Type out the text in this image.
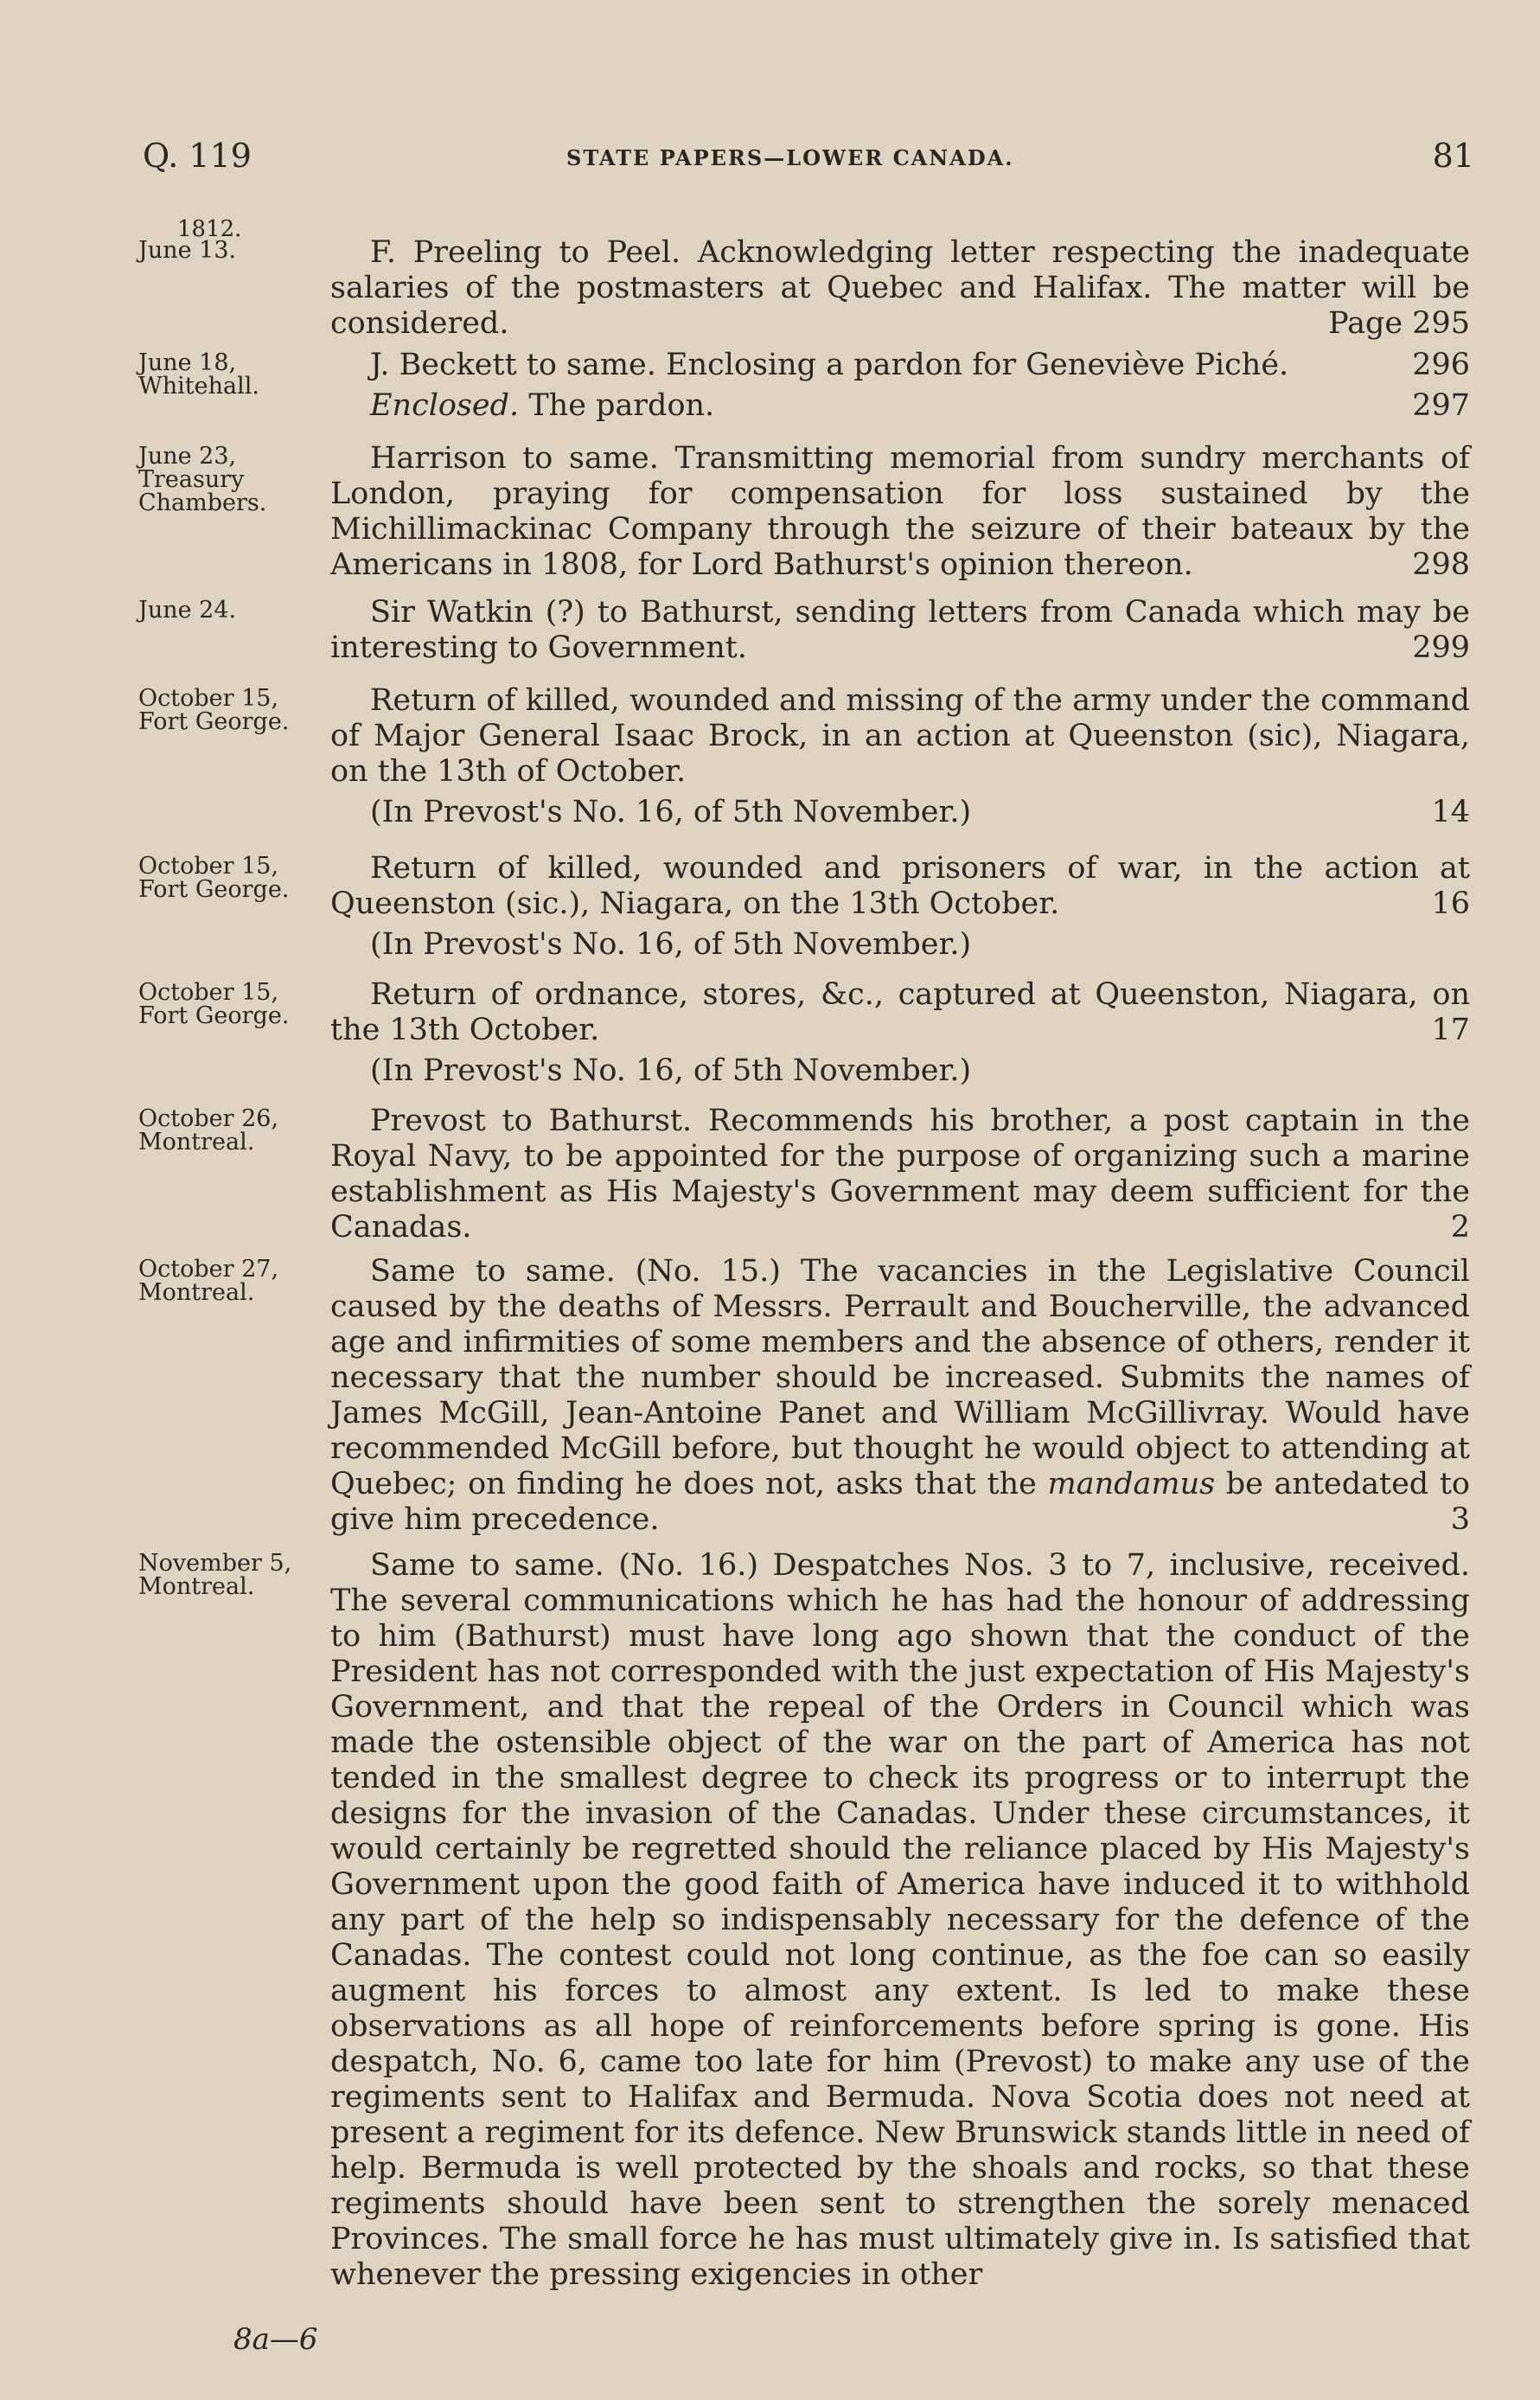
Q. 119	STATE PAPERS—LOWER CANADA.	81
1812.
June 13.	F. Preeling to Peel. Acknowledging letter respecting the inadequate salaries of the postmasters at Quebec and Halifax. The matter will be considered.	Page 295
June 18,
Whitehall.
J. Beckett to same. Enclosing a pardon for Geneviève Piché.	296
Enclosed. The pardon.	297
June 23,
Treasury
Chambers.
Harrison to same. Transmitting memorial from sundry merchants of London, praying for compensation for loss sustained by the Michillimackinac Company through the seizure of their bateaux by the Americans in 1808, for Lord Bathurst's opinion thereon.	298
June 24.	Sir Watkin (?) to Bathurst, sending letters from Canada which may be interesting to Government.	299
October 15,
Fort George.
Return of killed, wounded and missing of the army under the command of Major General Isaac Brock, in an action at Queenston (sic), Niagara, on the 13th of October.
(In Prevost's No. 16, of 5th November.)	14
October 15,
Fort George.
Return of killed, wounded and prisoners of war, in the action at Queenston (sic.), Niagara, on the 13th October.	16
(In Prevost's No. 16, of 5th November.)
October 15,
Fort George.
Return of ordnance, stores, &c., captured at Queenston, Niagara, on the 13th October.	17
(In Prevost's No. 16, of 5th November.)
October 26,
Montreal.
Prevost to Bathurst. Recommends his brother, a post captain in the Royal Navy, to be appointed for the purpose of organizing such a marine establishment as His Majesty's Government may deem sufficient for the Canadas.	2
October 27,
Montreal.
Same to same. (No. 15.) The vacancies in the Legislative Council caused by the deaths of Messrs. Perrault and Boucherville, the advanced age and infirmities of some members and the absence of others, render it necessary that the number should be increased. Submits the names of James McGill, Jean-Antoine Panet and William McGillivray. Would have recommended McGill before, but thought he would object to attending at Quebec; on finding he does not, asks that the mandamus be antedated to give him precedence.	3
November 5,
Montreal.
Same to same. (No. 16.) Despatches Nos. 3 to 7, inclusive, received. The several communications which he has had the honour of addressing to him (Bathurst) must have long ago shown that the conduct of the President has not corresponded with the just expectation of His Majesty's Government, and that the repeal of the Orders in Council which was made the ostensible object of the war on the part of America has not tended in the smallest degree to check its progress or to interrupt the designs for the invasion of the Canadas. Under these circumstances, it would certainly be regretted should the reliance placed by His Majesty's Government upon the good faith of America have induced it to withhold any part of the help so indispensably necessary for the defence of the Canadas. The contest could not long continue, as the foe can so easily augment his forces to almost any extent. Is led to make these observations as all hope of reinforcements before spring is gone. His despatch, No. 6, came too late for him (Prevost) to make any use of the regiments sent to Halifax and Bermuda. Nova Scotia does not need at present a regiment for its defence. New Brunswick stands little in need of help. Bermuda is well protected by the shoals and rocks, so that these regiments should have been sent to strengthen the sorely menaced Provinces. The small force he has must ultimately give in. Is satisfied that whenever the pressing exigencies in other
8a—6
